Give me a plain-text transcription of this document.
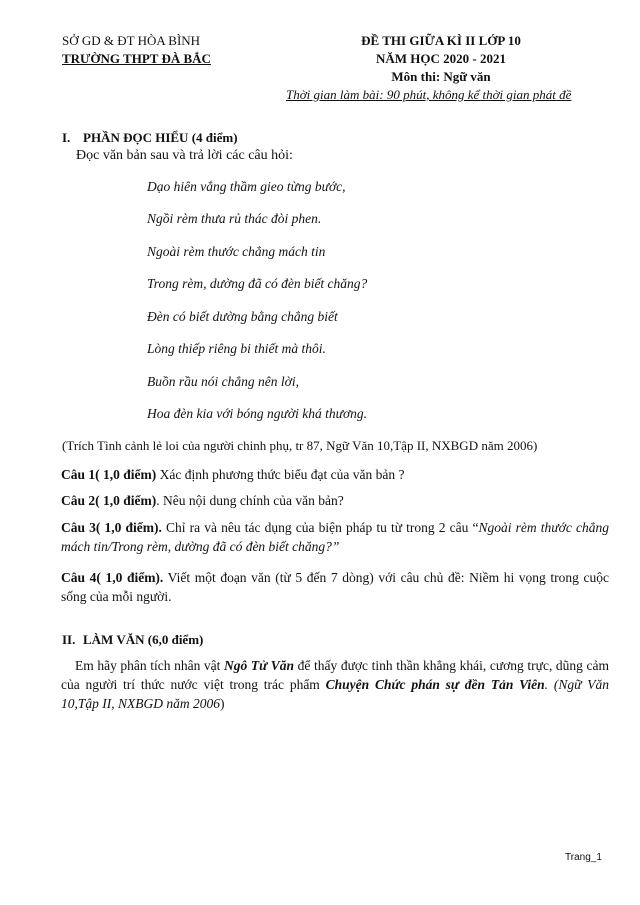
SỞ GD & ĐT HÒA BÌNH
TRƯỜNG THPT ĐÀ BẮC
ĐỀ THI GIỮA KÌ II LỚP 10
NĂM HỌC 2020 - 2021
Môn thi: Ngữ văn
Thời gian làm bài: 90 phút, không kể thời gian phát đề
I. PHẦN ĐỌC HIỂU (4 điểm)
Đọc văn bản sau và trả lời các câu hỏi:
Dạo hiên vắng thầm gieo từng bước,
Ngồi rèm thưa rủ thác đòi phen.
Ngoài rèm thước chẳng mách tin
Trong rèm, dường đã có đèn biết chăng?
Đèn có biết dường bằng chẳng biết
Lòng thiếp riêng bi thiết mà thôi.
Buồn rầu nói chẳng nên lời,
Hoa đèn kia với bóng người khá thương.
(Trích Tình cảnh lẻ loi của người chinh phụ, tr 87, Ngữ Văn 10,Tập II, NXBGD năm 2006)
Câu 1( 1,0 điểm) Xác định phương thức biểu đạt của văn bản ?
Câu 2( 1,0 điểm). Nêu nội dung chính của văn bản?
Câu 3( 1,0 điểm). Chỉ ra và nêu tác dụng của biện pháp tu từ trong 2 câu “Ngoài rèm thước chẳng mách tin/Trong rèm, dường đã có đèn biết chăng?”
Câu 4( 1,0 điểm). Viết một đoạn văn (từ 5 đến 7 dòng) với câu chủ đề: Niềm hi vọng trong cuộc sống của mỗi người.
II. LÀM VĂN (6,0 điểm)
Em hãy phân tích nhân vật Ngô Tử Văn để thấy được tinh thần khẳng khái, cương trực, dũng cảm của người trí thức nước việt trong trác phẩm Chuyện Chức phán sự đền Tản Viên. (Ngữ Văn 10,Tập II, NXBGD năm 2006)
Trang_1
